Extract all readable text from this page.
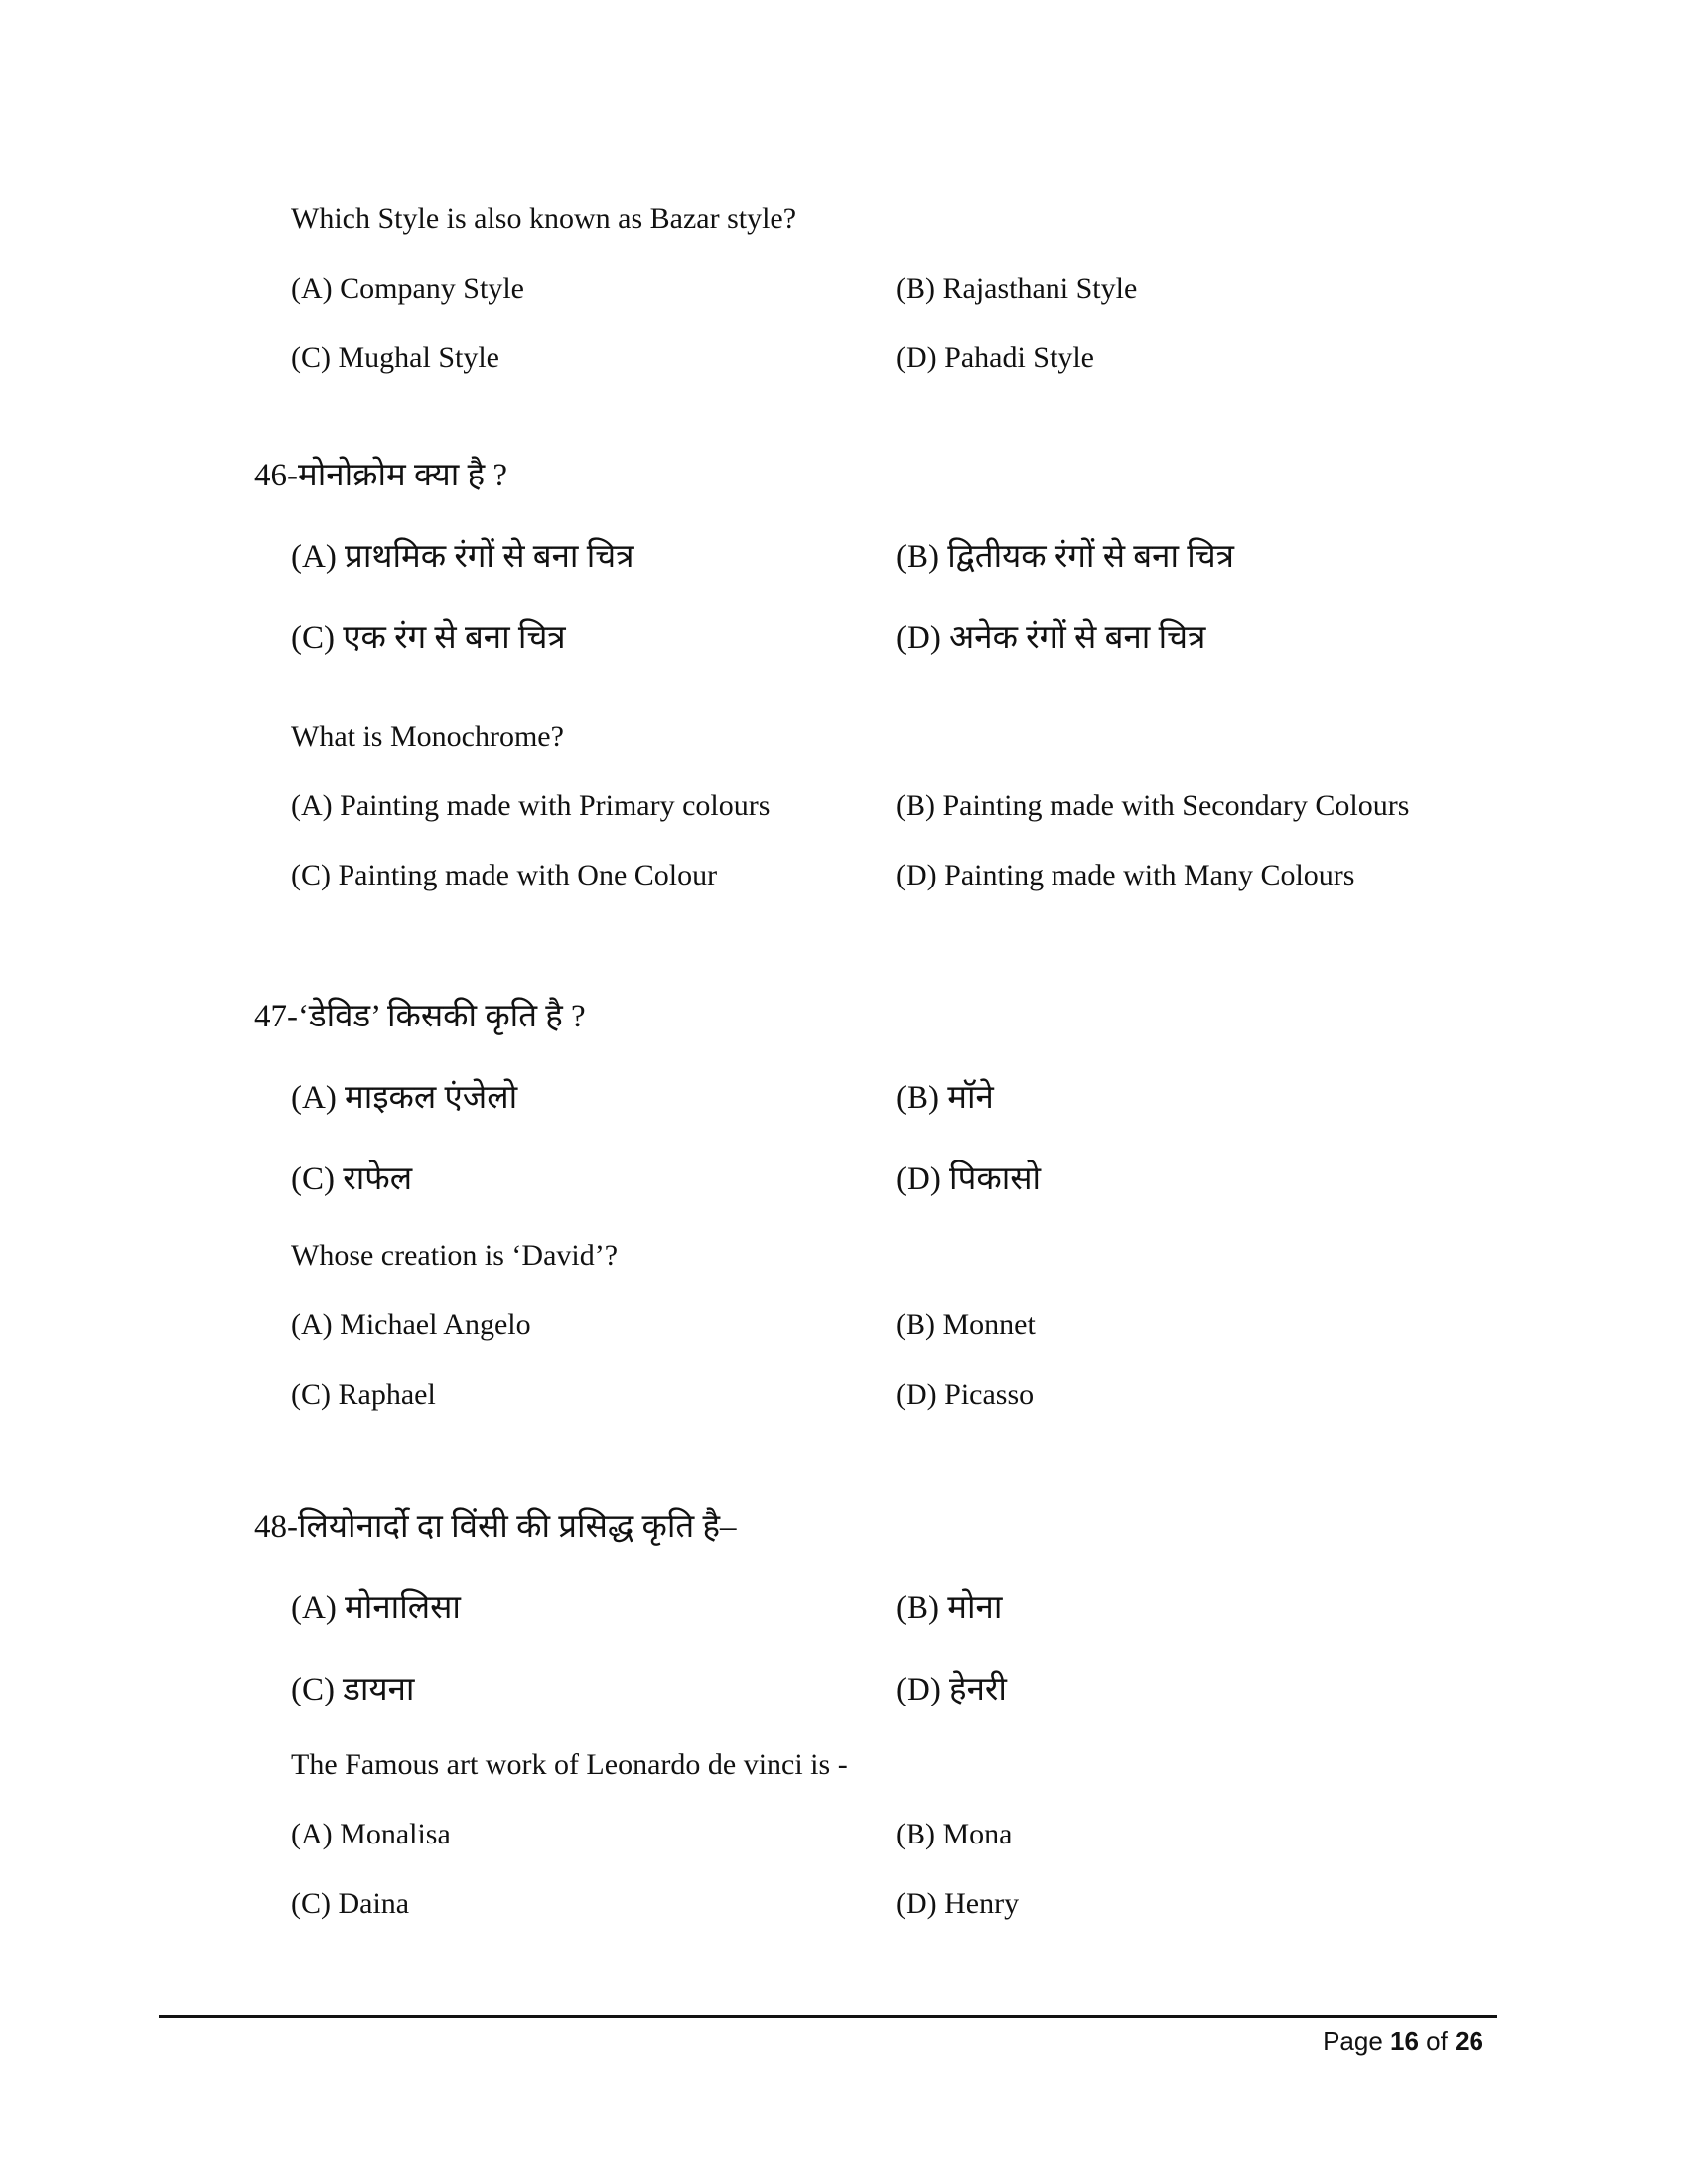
Which Style is also known as Bazar style?
(A) Company Style	(B) Rajasthani Style
(C) Mughal Style	(D) Pahadi Style
46-मोनोक्रोम क्या है ?
(A) प्राथमिक रंगों से बना चित्र	(B) द्वितीयक रंगों से बना चित्र
(C) एक रंग से बना चित्र	(D) अनेक रंगों से बना चित्र
What is Monochrome?
(A) Painting made with Primary colours	(B) Painting made with Secondary Colours
(C) Painting made with One Colour	(D) Painting made with Many Colours
47-‘डेविड’ किसकी कृति है ?
(A) माइकल एंजेलो	(B) मॉने
(C) राफेल	(D) पिकासो
Whose creation is ‘David’?
(A) Michael Angelo	(B) Monnet
(C) Raphael	(D) Picasso
48-लियोनार्दो दा विंसी की प्रसिद्ध कृति है–
(A) मोनालिसा	(B) मोना
(C) डायना	(D) हेनरी
The Famous art work of Leonardo de vinci is -
(A) Monalisa	(B) Mona
(C) Daina	(D) Henry
Page 16 of 26
